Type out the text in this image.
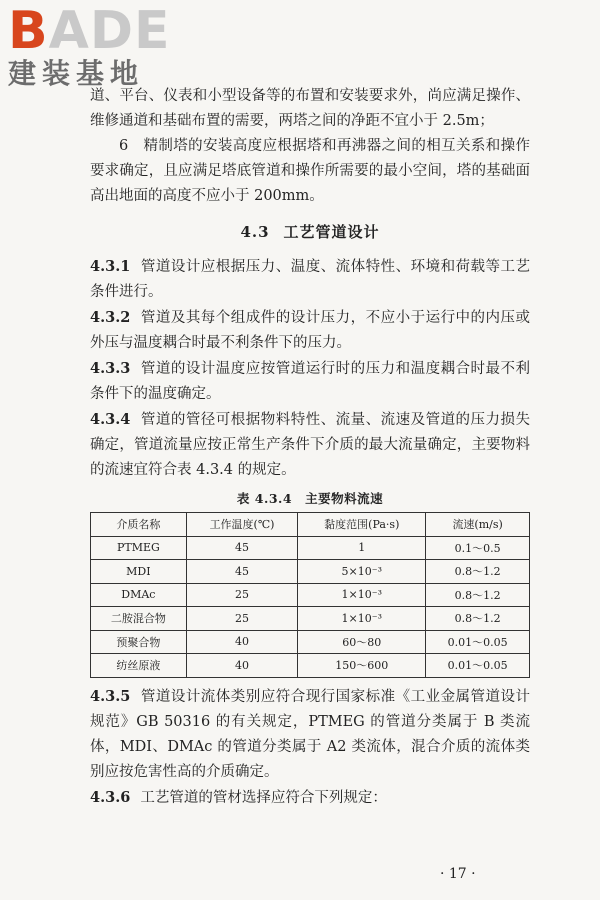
BADE
建装基地

道、平台、仪表和小型设备等的布置和安装要求外，尚应满足操作、维修通道和基础布置的需要，两塔之间的净距不宜小于 2.5m；

6　精制塔的安装高度应根据塔和再沸器之间的相互关系和操作要求确定，且应满足塔底管道和操作所需要的最小空间，塔的基础面高出地面的高度不应小于 200mm。

4.3 工艺管道设计

4.3.1 管道设计应根据压力、温度、流体特性、环境和荷载等工艺条件进行。

4.3.2 管道及其每个组成件的设计压力，不应小于运行中的内压或外压与温度耦合时最不利条件下的压力。

4.3.3 管道的设计温度应按管道运行时的压力和温度耦合时最不利条件下的温度确定。

4.3.4 管道的管径可根据物料特性、流量、流速及管道的压力损失确定，管道流量应按正常生产条件下介质的最大流量确定，主要物料的流速宜符合表 4.3.4 的规定。

表 4.3.4　主要物料流速
介质名称	工作温度(℃)	黏度范围(Pa·s)	流速(m/s)
PTMEG	45	1	0.1～0.5
MDI	45	5×10⁻³	0.8～1.2
DMAc	25	1×10⁻³	0.8～1.2
二胺混合物	25	1×10⁻³	0.8～1.2
预聚合物	40	60～80	0.01～0.05
纺丝原液	40	150～600	0.01～0.05

4.3.5 管道设计流体类别应符合现行国家标准《工业金属管道设计规范》GB 50316 的有关规定，PTMEG 的管道分类属于 B 类流体，MDI、DMAc 的管道分类属于 A2 类流体，混合介质的流体类别应按危害性高的介质确定。

4.3.6 工艺管道的管材选择应符合下列规定：

· 17 ·
